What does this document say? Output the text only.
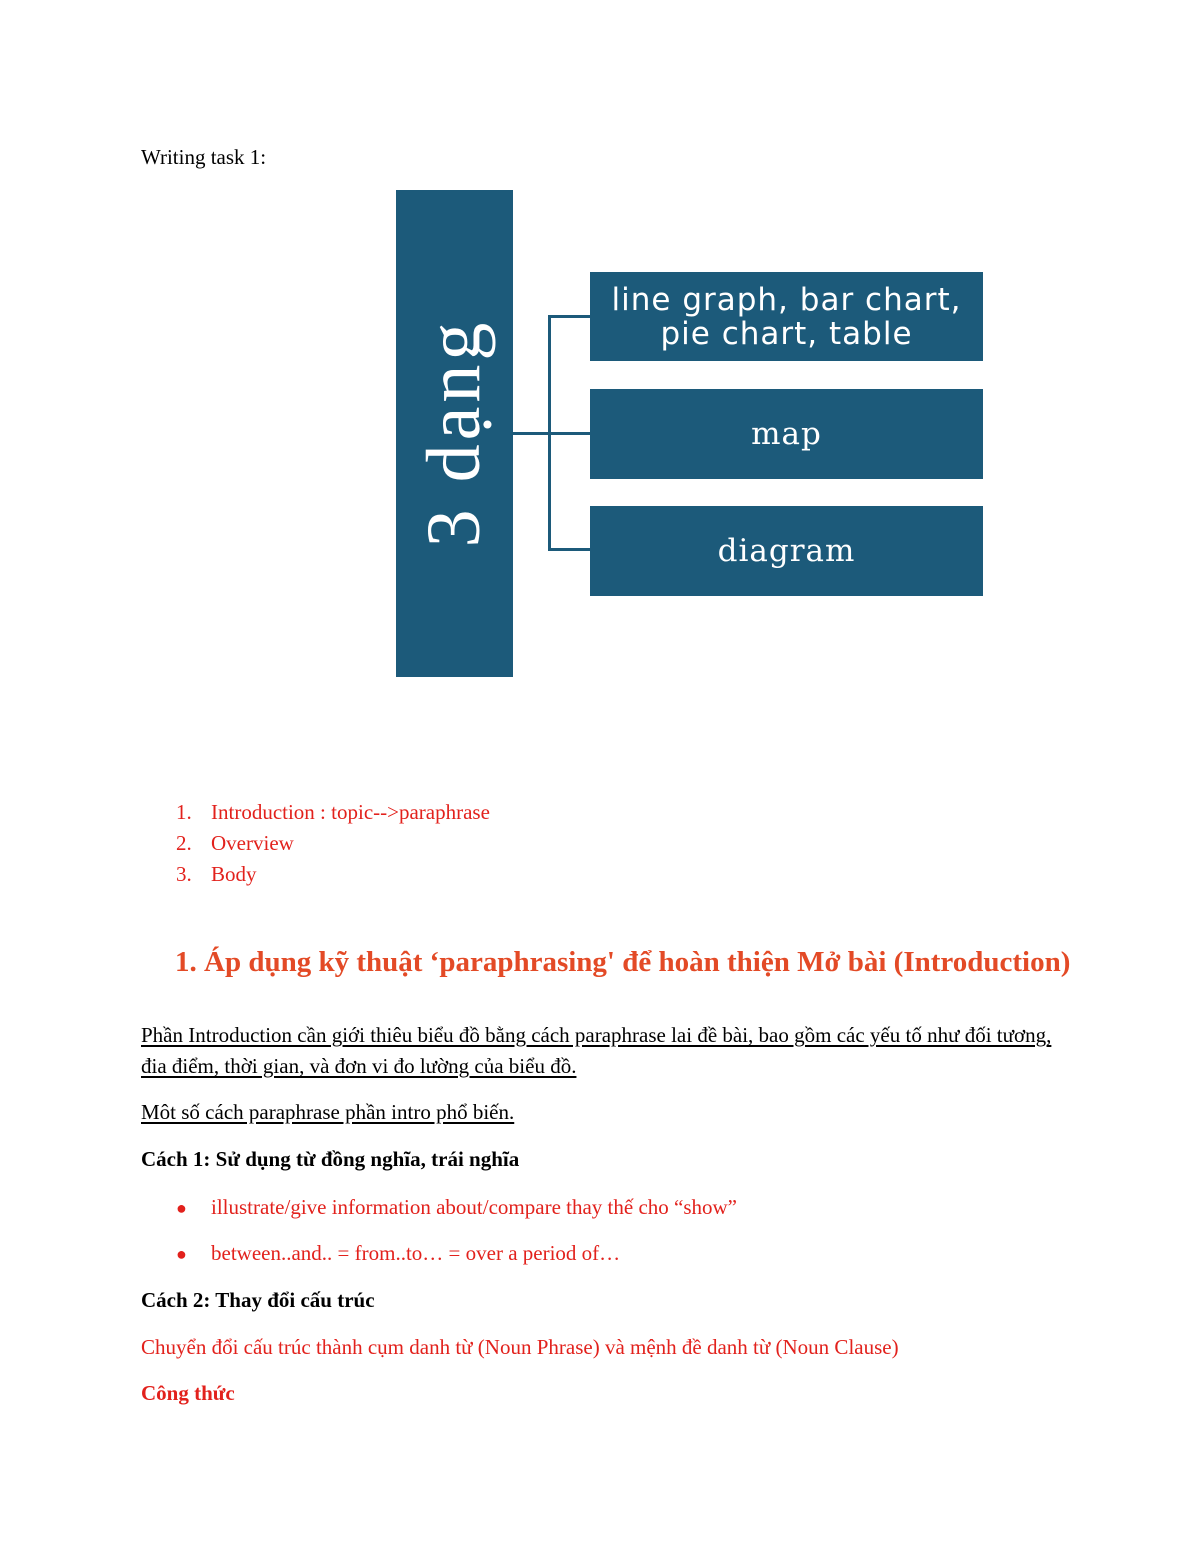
Writing task 1:
3 dạng
line graph, bar chart, pie chart, table
map
diagram
1. Introduction : topic-->paraphrase
2. Overview
3. Body
1. Áp dụng kỹ thuật ‘paraphrasing' để hoàn thiện Mở bài (Introduction)
Phần Introduction cần giới thiêu biểu đồ bằng cách paraphrase lai đề bài, bao gồm các yếu tố như đối tương, đia điểm, thời gian, và đơn vi đo lường của biểu đồ.
Môt số cách paraphrase phần intro phổ biến.
Cách 1: Sử dụng từ đồng nghĩa, trái nghĩa
● illustrate/give information about/compare thay thế cho “show”
● between..and.. = from..to… = over a period of…
Cách 2: Thay đổi cấu trúc
Chuyển đổi cấu trúc thành cụm danh từ (Noun Phrase) và mệnh đề danh từ (Noun Clause)
Công thức
